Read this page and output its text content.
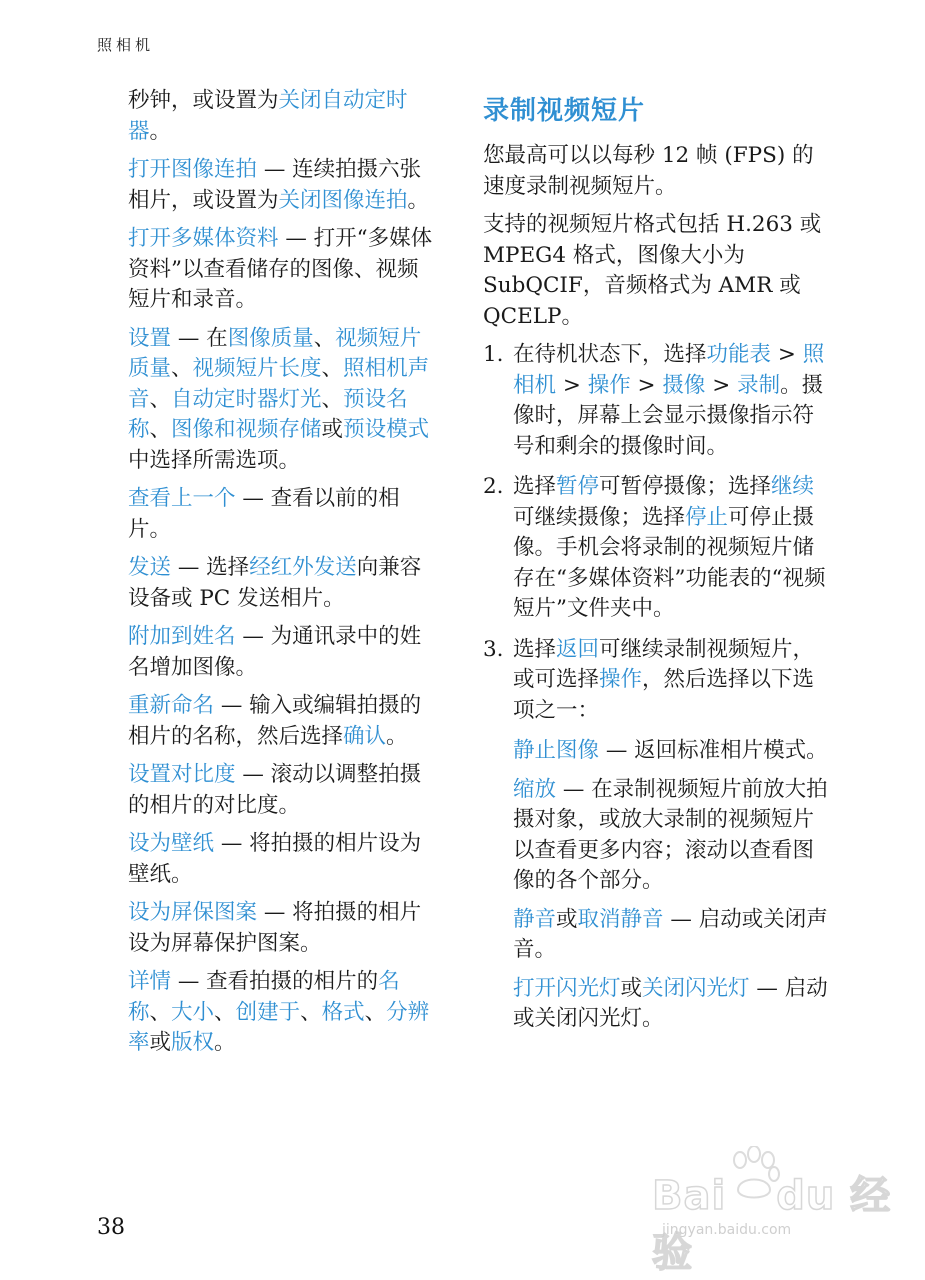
照相机
秒钟，或设置为关闭自动定时器。
打开图像连拍 — 连续拍摄六张相片，或设置为关闭图像连拍。
打开多媒体资料 — 打开“多媒体资料”以查看储存的图像、视频短片和录音。
设置 — 在图像质量、视频短片质量、视频短片长度、照相机声音、自动定时器灯光、预设名称、图像和视频存储或预设模式中选择所需选项。
查看上一个 — 查看以前的相片。
发送 — 选择经红外发送向兼容设备或 PC 发送相片。
附加到姓名 — 为通讯录中的姓名增加图像。
重新命名 — 输入或编辑拍摄的相片的名称，然后选择确认。
设置对比度 — 滚动以调整拍摄的相片的对比度。
设为壁纸 — 将拍摄的相片设为壁纸。
设为屏保图案 — 将拍摄的相片设为屏幕保护图案。
详情 — 查看拍摄的相片的名称、大小、创建于、格式、分辨率或版权。
录制视频短片
您最高可以以每秒 12 帧 (FPS) 的速度录制视频短片。
支持的视频短片格式包括 H.263 或 MPEG4 格式，图像大小为 SubQCIF，音频格式为 AMR 或 QCELP。
1. 在待机状态下，选择功能表 > 照相机 > 操作 > 摄像 > 录制。摄像时，屏幕上会显示摄像指示符号和剩余的摄像时间。
2. 选择暂停可暂停摄像；选择继续可继续摄像；选择停止可停止摄像。手机会将录制的视频短片储存在“多媒体资料”功能表的“视频短片”文件夹中。
3. 选择返回可继续录制视频短片，或可选择操作，然后选择以下选项之一：
静止图像 — 返回标准相片模式。
缩放 — 在录制视频短片前放大拍摄对象，或放大录制的视频短片以查看更多内容；滚动以查看图像的各个部分。
静音或取消静音 — 启动或关闭声音。
打开闪光灯或关闭闪光灯 — 启动或关闭闪光灯。
38
Bai du 经验
jingyan.baidu.com
